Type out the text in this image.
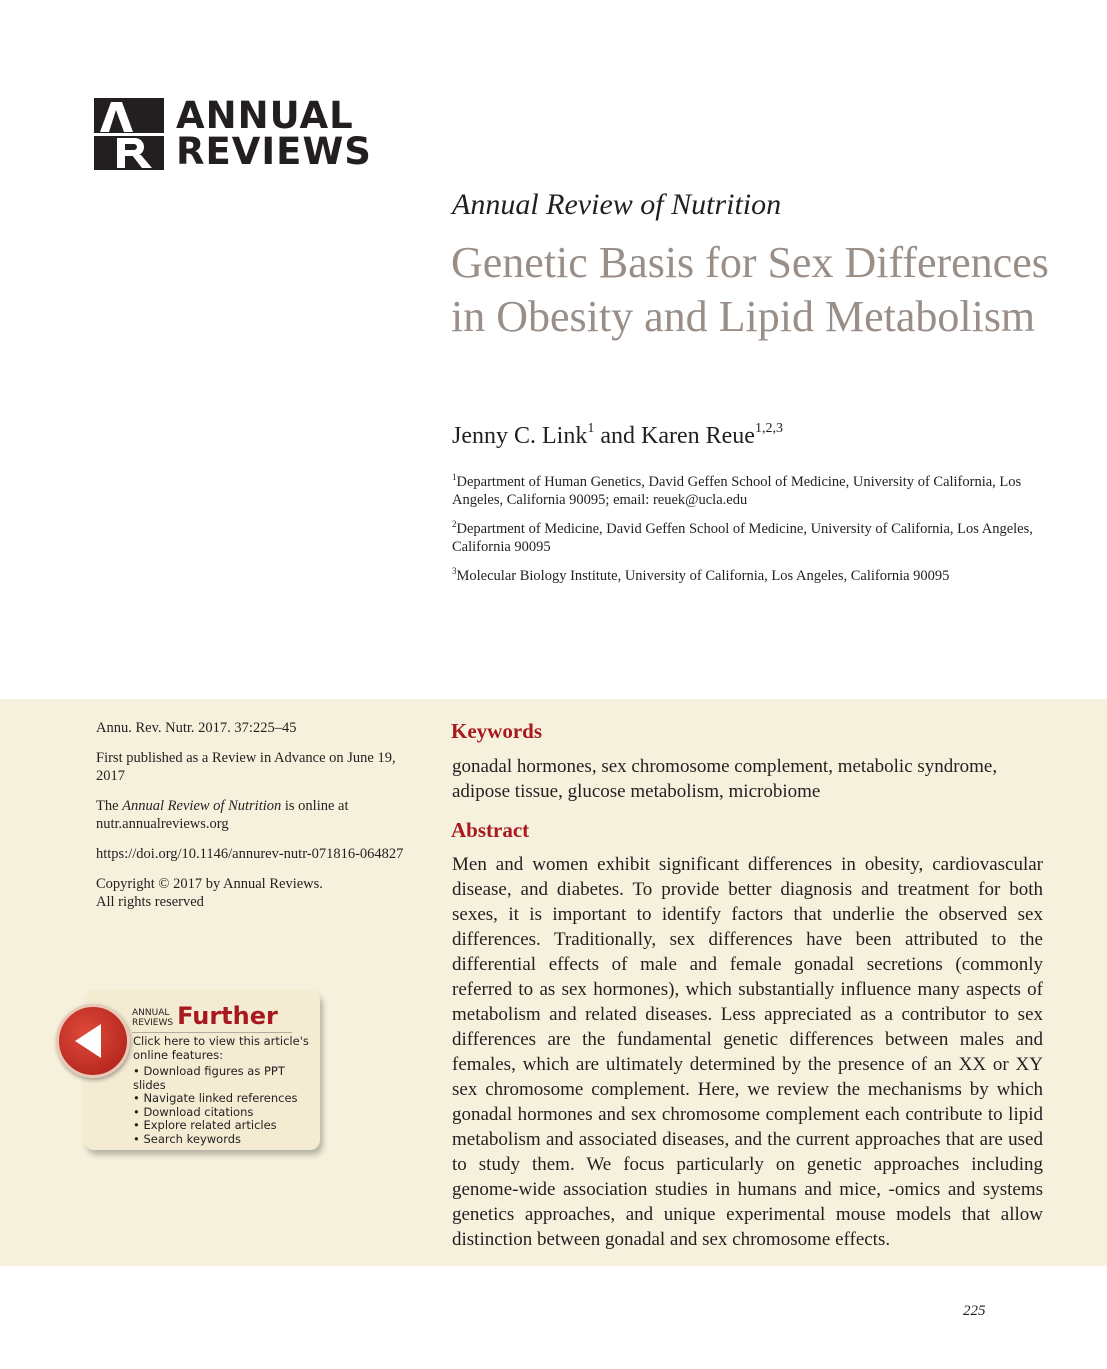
ANNUAL
REVIEWS
Annual Review of Nutrition
Genetic Basis for Sex Differences in Obesity and Lipid Metabolism
Jenny C. Link$^1$ and Karen Reue$^{1,2,3}$
$^1$Department of Human Genetics, David Geffen School of Medicine, University of California, Los Angeles, California 90095; email: reuek@ucla.edu
$^2$Department of Medicine, David Geffen School of Medicine, University of California, Los Angeles, California 90095
$^3$Molecular Biology Institute, University of California, Los Angeles, California 90095

Annu. Rev. Nutr. 2017. 37:225–45

First published as a Review in Advance on June 19, 2017

The Annual Review of Nutrition is online at nutr.annualreviews.org

https://doi.org/10.1146/annurev-nutr-071816-064827

Copyright © 2017 by Annual Reviews.
All rights reserved

ANNUAL
REVIEWS Further
Click here to view this article's online features:
• Download figures as PPT slides
• Navigate linked references
• Download citations
• Explore related articles
• Search keywords
Keywords
gonadal hormones, sex chromosome complement, metabolic syndrome, adipose tissue, glucose metabolism, microbiome
Abstract

Men and women exhibit significant differences in obesity, cardiovascular disease, and diabetes. To provide better diagnosis and treatment for both sexes, it is important to identify factors that underlie the observed sex differences. Traditionally, sex differences have been attributed to the differential effects of male and female gonadal secretions (commonly referred to as sex hormones), which substantially influence many aspects of metabolism and related diseases. Less appreciated as a contributor to sex differences are the fundamental genetic differences between males and females, which are ultimately determined by the presence of an XX or XY sex chromosome complement. Here, we review the mechanisms by which gonadal hormones and sex chromosome complement each contribute to lipid metabolism and associated diseases, and the current approaches that are used to study them. We focus particularly on genetic approaches including genome-wide association studies in humans and mice, -omics and systems genetics approaches, and unique experimental mouse models that allow distinction between gonadal and sex chromosome effects.

225
